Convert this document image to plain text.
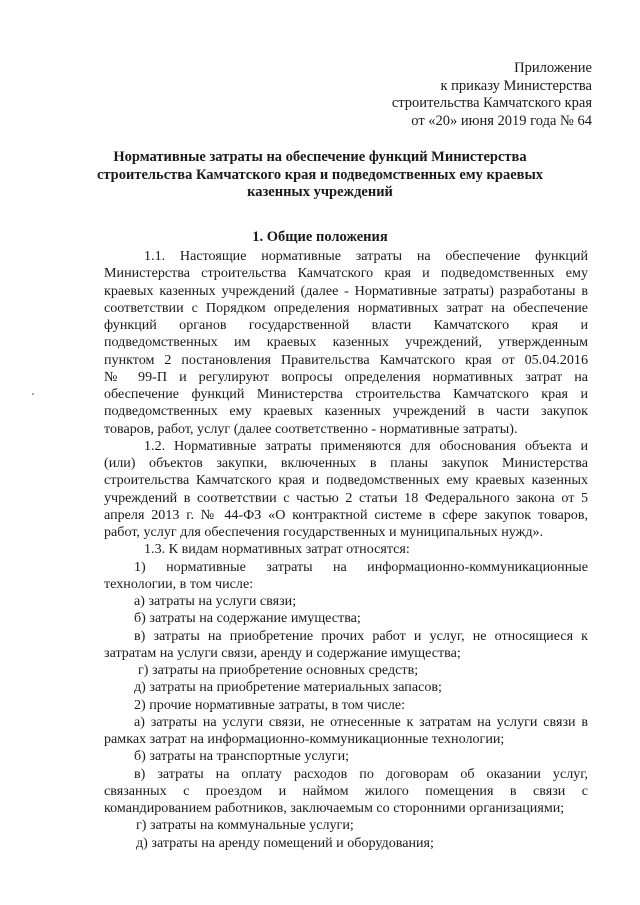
Приложение
к приказу Министерства
строительства Камчатского края
от «20» июня 2019 года № 64
Нормативные затраты на обеспечение функций Министерства
строительства Камчатского края и подведомственных ему краевых
казенных учреждений
1. Общие положения
1.1. Настоящие нормативные затраты на обеспечение функций
Министерства строительства Камчатского края и подведомственных ему
краевых казенных учреждений (далее - Нормативные затраты) разработаны в
соответствии с Порядком определения нормативных затрат на обеспечение
функций органов государственной власти Камчатского края и
подведомственных им краевых казенных учреждений, утвержденным
пунктом 2 постановления Правительства Камчатского края от 05.04.2016
№ 99-П и регулируют вопросы определения нормативных затрат на
обеспечение функций Министерства строительства Камчатского края и
подведомственных ему краевых казенных учреждений в части закупок
товаров, работ, услуг (далее соответственно - нормативные затраты).
1.2. Нормативные затраты применяются для обоснования объекта и
(или) объектов закупки, включенных в планы закупок Министерства
строительства Камчатского края и подведомственных ему краевых казенных
учреждений в соответствии с частью 2 статьи 18 Федерального закона от 5
апреля 2013 г. № 44-ФЗ «О контрактной системе в сфере закупок товаров,
работ, услуг для обеспечения государственных и муниципальных нужд».
1.3. К видам нормативных затрат относятся:
1) нормативные затраты на информационно-коммуникационные
технологии, в том числе:
а) затраты на услуги связи;
б) затраты на содержание имущества;
в) затраты на приобретение прочих работ и услуг, не относящиеся к
затратам на услуги связи, аренду и содержание имущества;
г) затраты на приобретение основных средств;
д) затраты на приобретение материальных запасов;
2) прочие нормативные затраты, в том числе:
а) затраты на услуги связи, не отнесенные к затратам на услуги связи в
рамках затрат на информационно-коммуникационные технологии;
б) затраты на транспортные услуги;
в) затраты на оплату расходов по договорам об оказании услуг,
связанных с проездом и наймом жилого помещения в связи с
командированием работников, заключаемым со сторонними организациями;
г) затраты на коммунальные услуги;
д) затраты на аренду помещений и оборудования;
